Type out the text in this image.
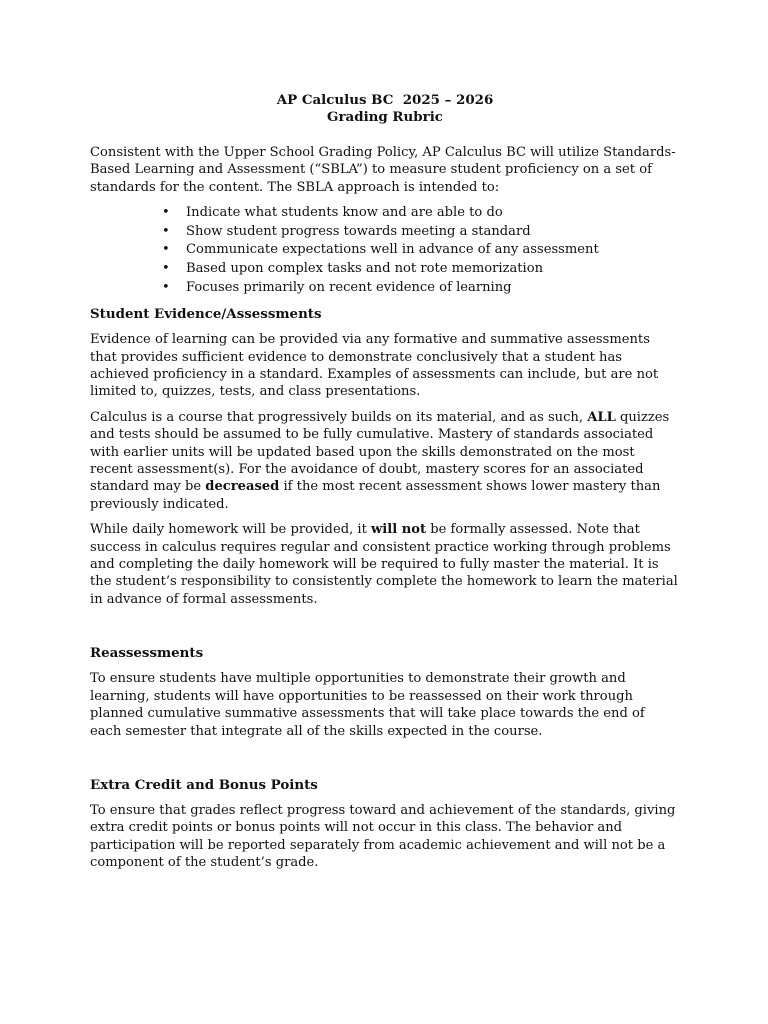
AP Calculus BC  2025 – 2026
Grading Rubric

Consistent with the Upper School Grading Policy, AP Calculus BC will utilize Standards-Based Learning and Assessment (“SBLA”) to measure student proficiency on a set of standards for the content. The SBLA approach is intended to:

• Indicate what students know and are able to do
• Show student progress towards meeting a standard
• Communicate expectations well in advance of any assessment
• Based upon complex tasks and not rote memorization
• Focuses primarily on recent evidence of learning
Student Evidence/Assessments

Evidence of learning can be provided via any formative and summative assessments that provides sufficient evidence to demonstrate conclusively that a student has achieved proficiency in a standard. Examples of assessments can include, but are not limited to, quizzes, tests, and class presentations.

Calculus is a course that progressively builds on its material, and as such, ALL quizzes and tests should be assumed to be fully cumulative. Mastery of standards associated with earlier units will be updated based upon the skills demonstrated on the most recent assessment(s). For the avoidance of doubt, mastery scores for an associated standard may be decreased if the most recent assessment shows lower mastery than previously indicated.

While daily homework will be provided, it will not be formally assessed. Note that success in calculus requires regular and consistent practice working through problems and completing the daily homework will be required to fully master the material. It is the student’s responsibility to consistently complete the homework to learn the material in advance of formal assessments.

Reassessments

To ensure students have multiple opportunities to demonstrate their growth and learning, students will have opportunities to be reassessed on their work through planned cumulative summative assessments that will take place towards the end of each semester that integrate all of the skills expected in the course.

Extra Credit and Bonus Points

To ensure that grades reflect progress toward and achievement of the standards, giving extra credit points or bonus points will not occur in this class. The behavior and participation will be reported separately from academic achievement and will not be a component of the student’s grade.
